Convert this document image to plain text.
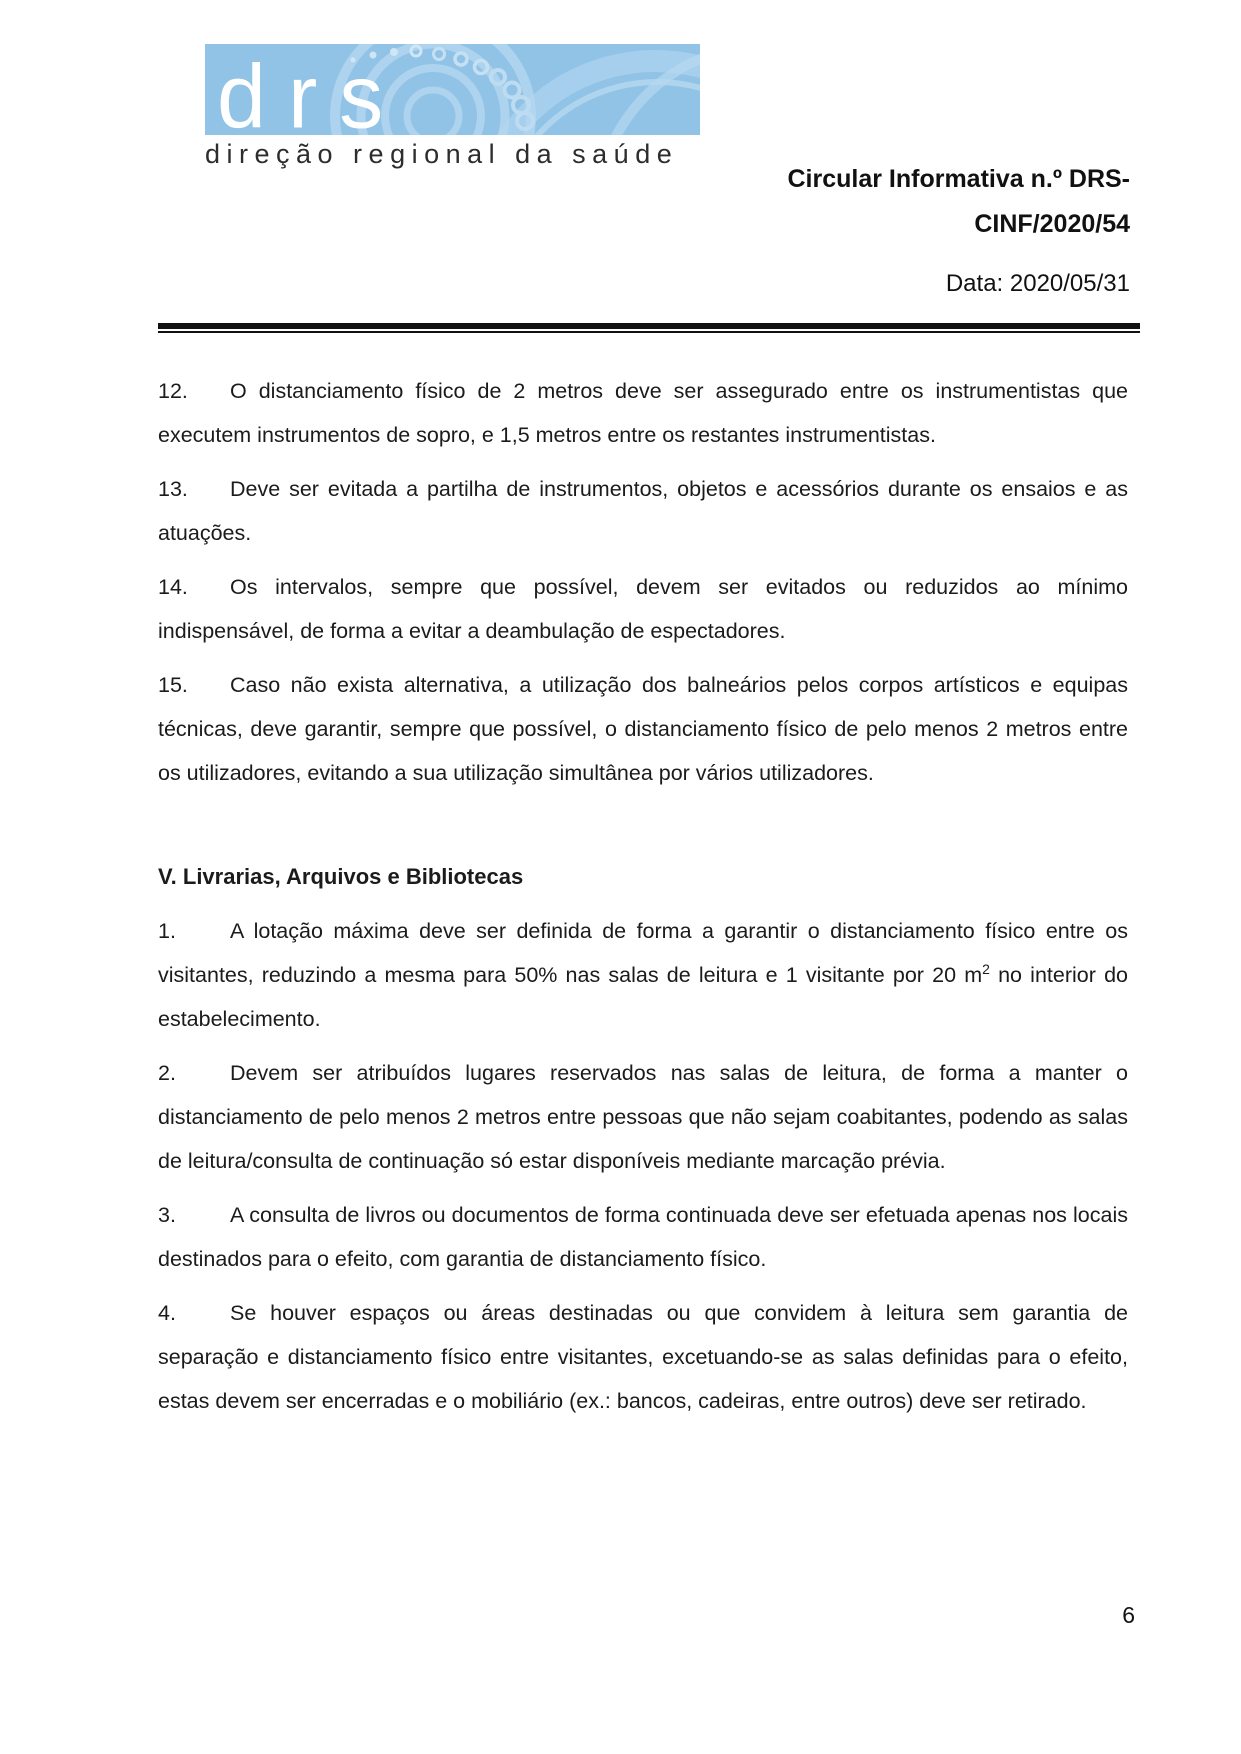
drs
direção regional da saúde
Circular Informativa n.º DRS-
CINF/2020/54
Data: 2020/05/31

12. O distanciamento físico de 2 metros deve ser assegurado entre os instrumentistas que executem instrumentos de sopro, e 1,5 metros entre os restantes instrumentistas.

13. Deve ser evitada a partilha de instrumentos, objetos e acessórios durante os ensaios e as atuações.

14. Os intervalos, sempre que possível, devem ser evitados ou reduzidos ao mínimo indispensável, de forma a evitar a deambulação de espectadores.

15. Caso não exista alternativa, a utilização dos balneários pelos corpos artísticos e equipas técnicas, deve garantir, sempre que possível, o distanciamento físico de pelo menos 2 metros entre os utilizadores, evitando a sua utilização simultânea por vários utilizadores.

V. Livrarias, Arquivos e Bibliotecas

1.	A lotação máxima deve ser definida de forma a garantir o distanciamento físico entre os visitantes, reduzindo a mesma para 50% nas salas de leitura e 1 visitante por 20 $m^2$ no interior do estabelecimento.

2.	Devem ser atribuídos lugares reservados nas salas de leitura, de forma a manter o distanciamento de pelo menos 2 metros entre pessoas que não sejam coabitantes, podendo as salas de leitura/consulta de continuação só estar disponíveis mediante marcação prévia.

3.	A consulta de livros ou documentos de forma continuada deve ser efetuada apenas nos locais destinados para o efeito, com garantia de distanciamento físico.

4.	Se houver espaços ou áreas destinadas ou que convidem à leitura sem garantia de separação e distanciamento físico entre visitantes, excetuando-se as salas definidas para o efeito, estas devem ser encerradas e o mobiliário (ex.: bancos, cadeiras, entre outros) deve ser retirado.

6
